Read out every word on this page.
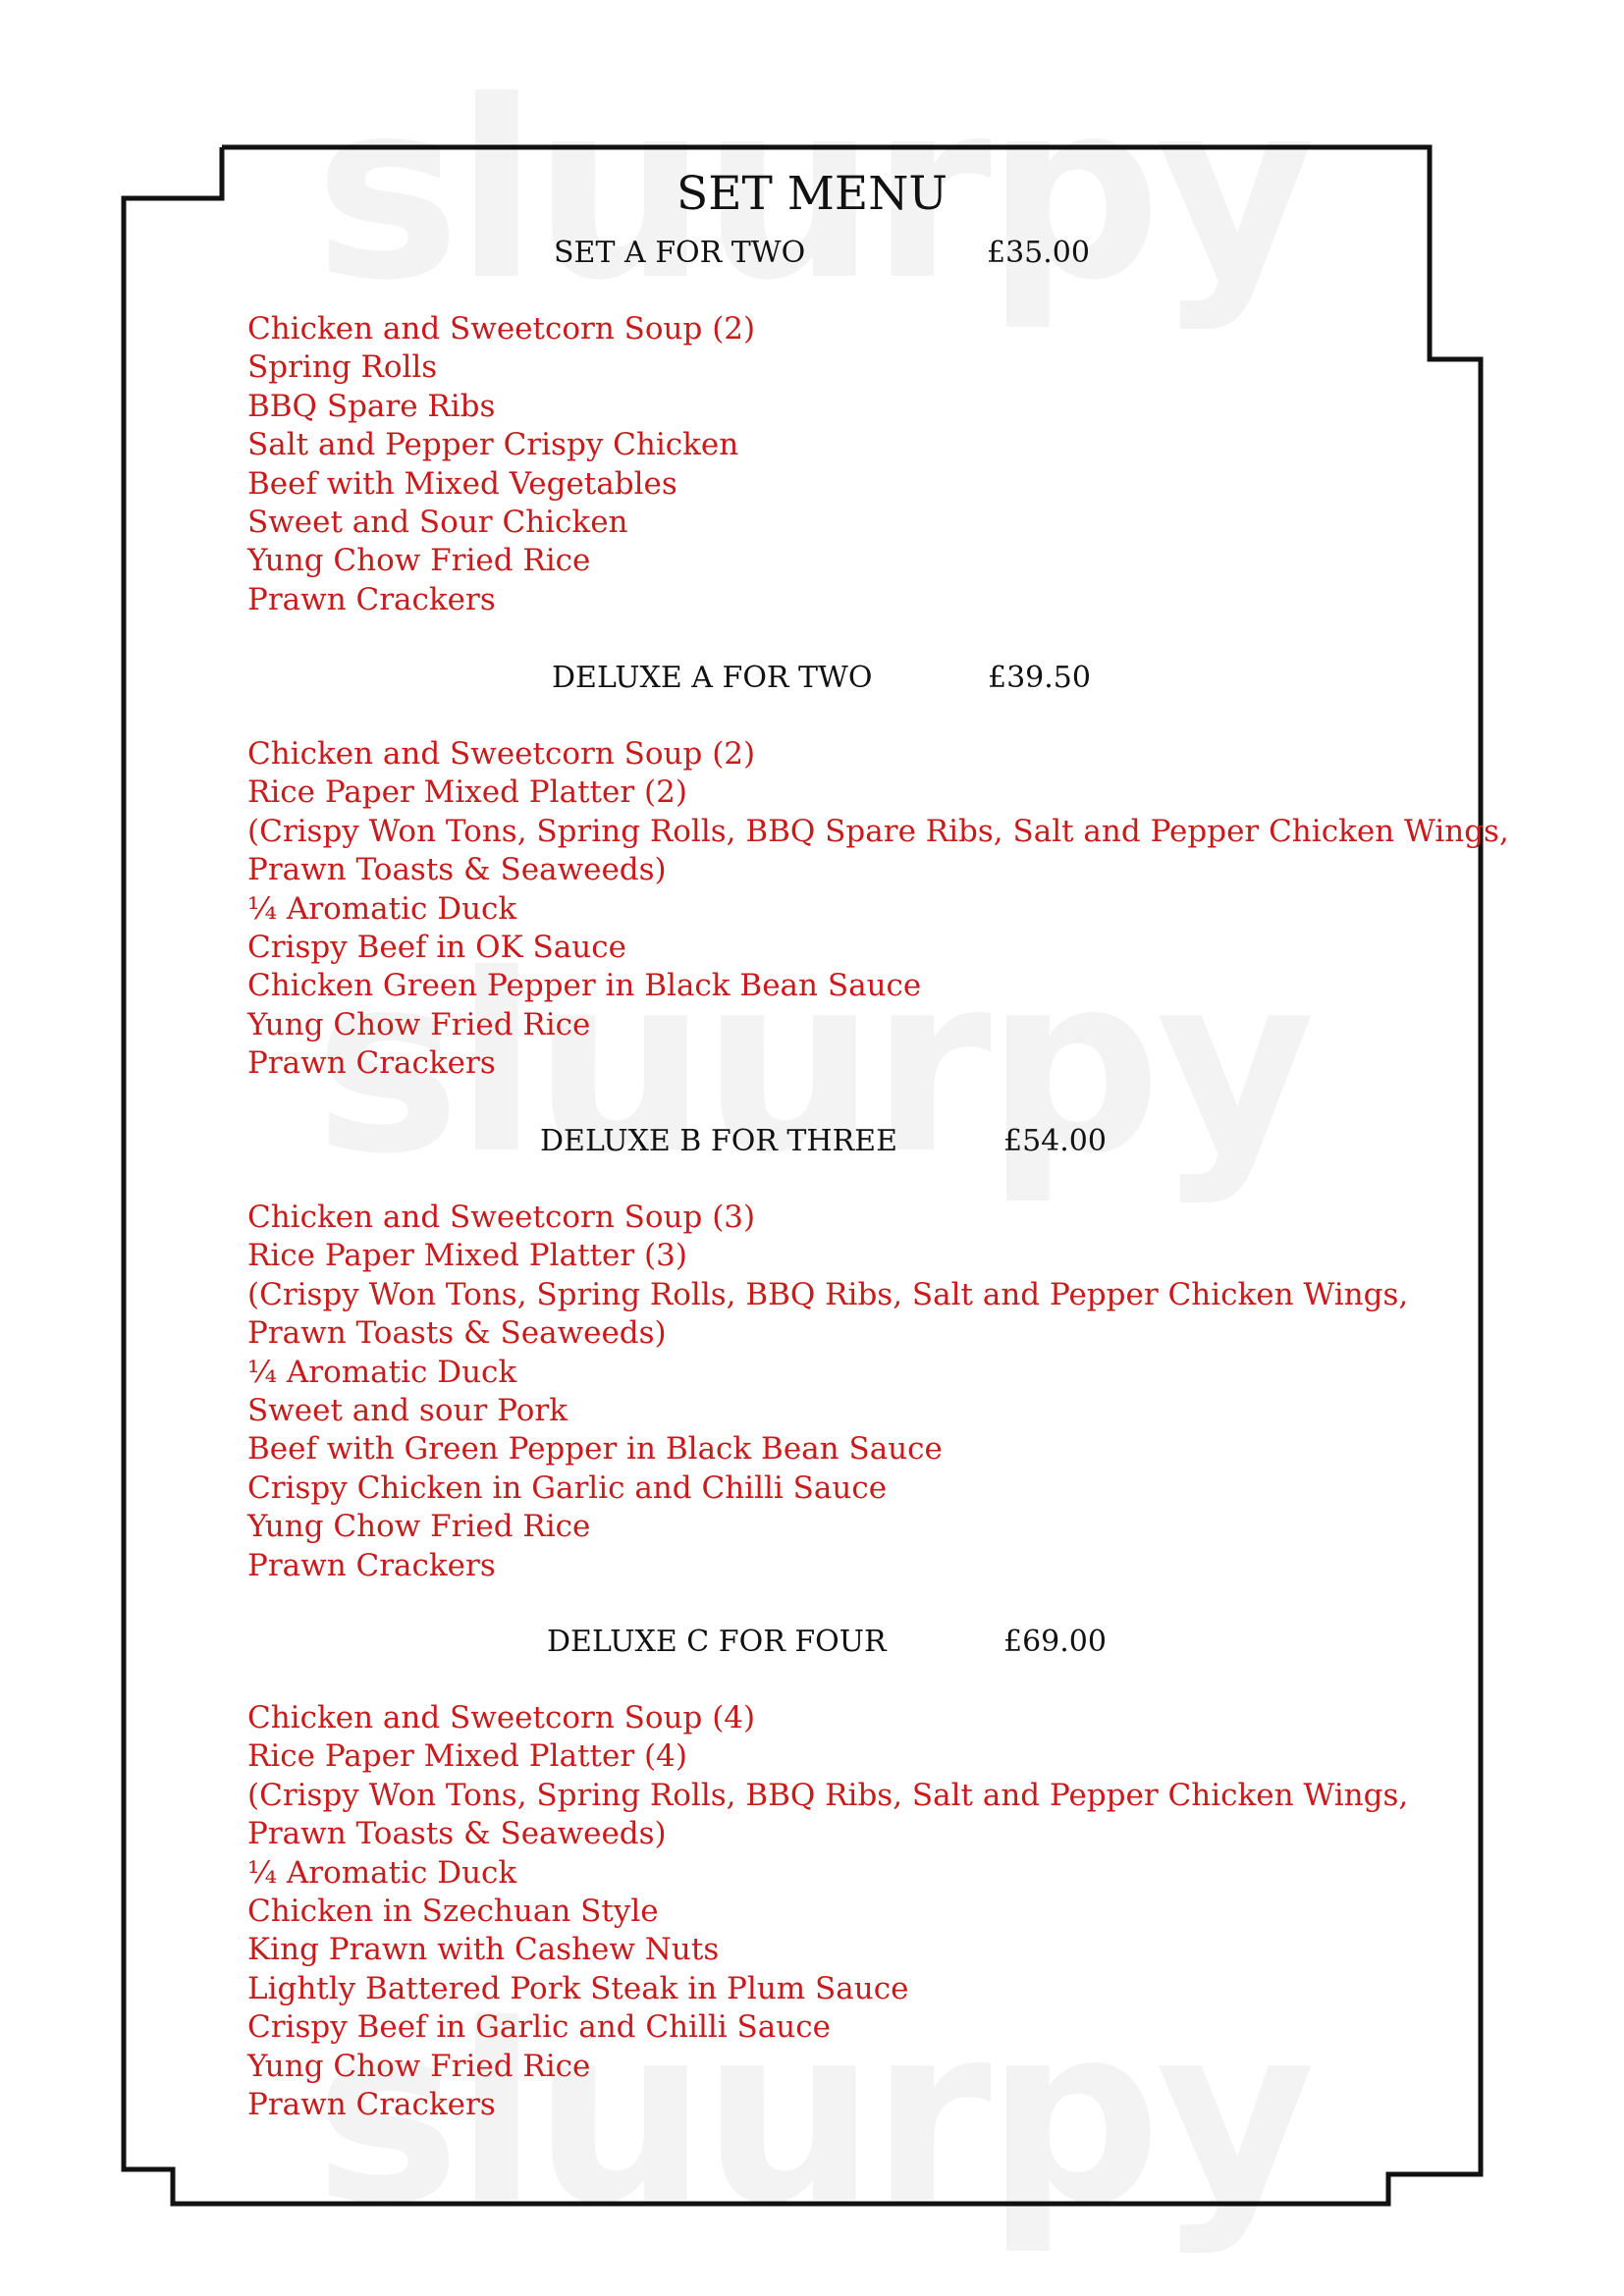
SET MENU
SET A FOR TWO	£35.00
Chicken and Sweetcorn Soup (2)
Spring Rolls
BBQ Spare Ribs
Salt and Pepper Crispy Chicken
Beef with Mixed Vegetables
Sweet and Sour Chicken
Yung Chow Fried Rice
Prawn Crackers
DELUXE A FOR TWO	£39.50
Chicken and Sweetcorn Soup (2)
Rice Paper Mixed Platter (2)
(Crispy Won Tons, Spring Rolls, BBQ Spare Ribs, Salt and Pepper Chicken Wings,
Prawn Toasts & Seaweeds)
¼ Aromatic Duck
Crispy Beef in OK Sauce
Chicken Green Pepper in Black Bean Sauce
Yung Chow Fried Rice
Prawn Crackers
DELUXE B FOR THREE	£54.00
Chicken and Sweetcorn Soup (3)
Rice Paper Mixed Platter (3)
(Crispy Won Tons, Spring Rolls, BBQ Ribs, Salt and Pepper Chicken Wings,
Prawn Toasts & Seaweeds)
¼ Aromatic Duck
Sweet and sour Pork
Beef with Green Pepper in Black Bean Sauce
Crispy Chicken in Garlic and Chilli Sauce
Yung Chow Fried Rice
Prawn Crackers
DELUXE C FOR FOUR	£69.00
Chicken and Sweetcorn Soup (4)
Rice Paper Mixed Platter (4)
(Crispy Won Tons, Spring Rolls, BBQ Ribs, Salt and Pepper Chicken Wings,
Prawn Toasts & Seaweeds)
¼ Aromatic Duck
Chicken in Szechuan Style
King Prawn with Cashew Nuts
Lightly Battered Pork Steak in Plum Sauce
Crispy Beef in Garlic and Chilli Sauce
Yung Chow Fried Rice
Prawn Crackers
